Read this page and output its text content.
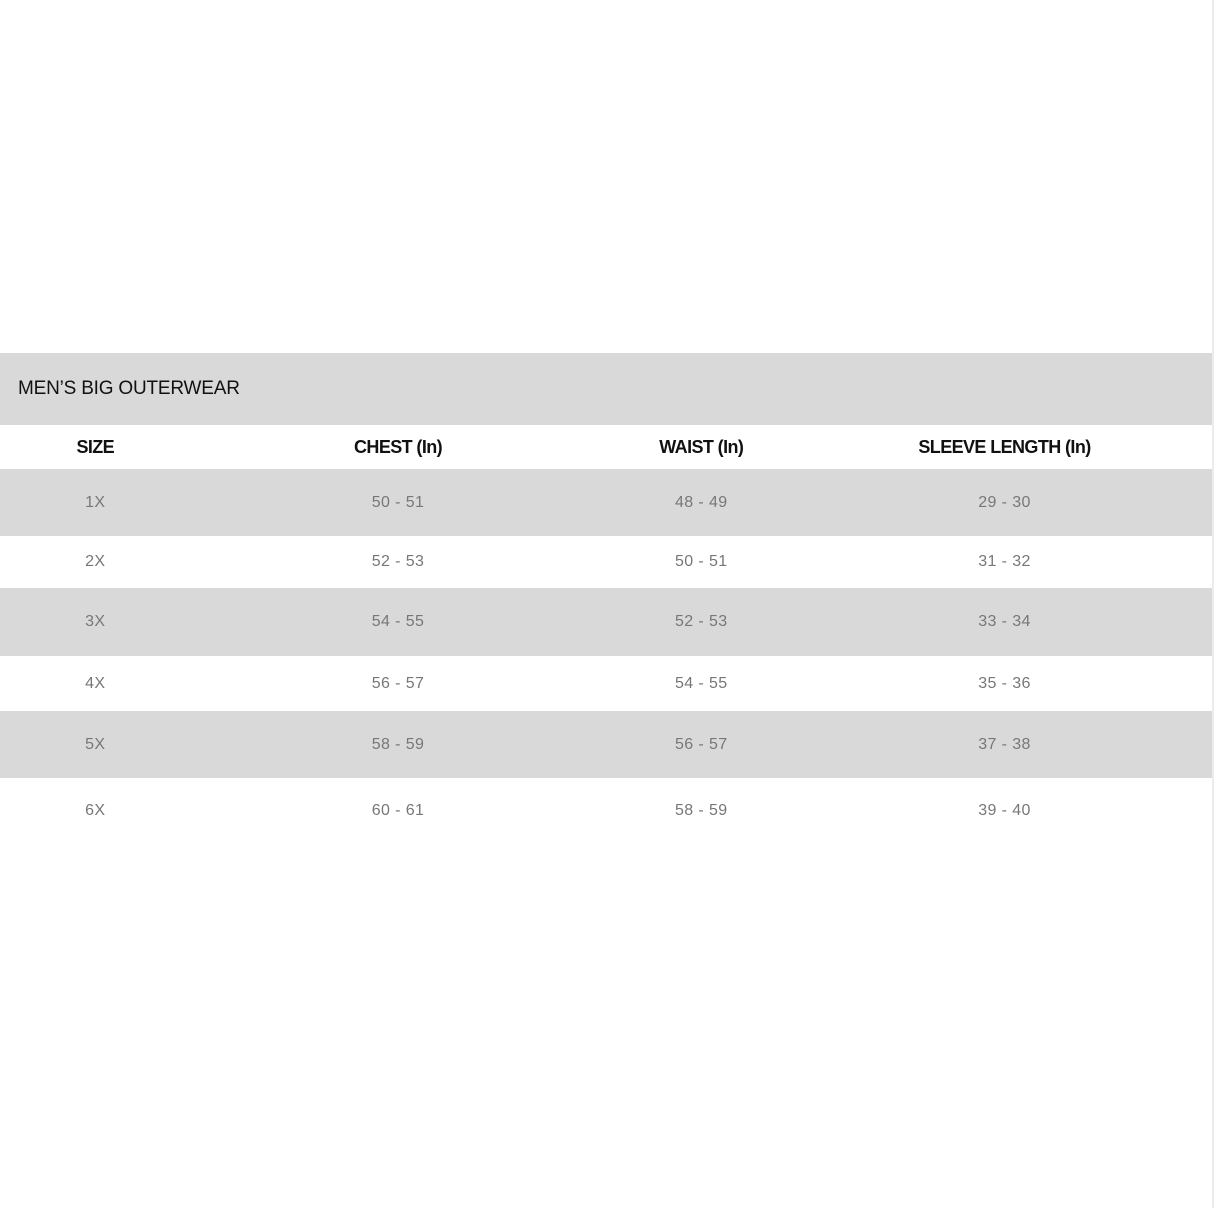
MEN’S BIG OUTERWEAR
SIZE	CHEST (In)	WAIST (In)	SLEEVE LENGTH (In)
1X	50 - 51	48 - 49	29 - 30
2X	52 - 53	50 - 51	31 - 32
3X	54 - 55	52 - 53	33 - 34
4X	56 - 57	54 - 55	35 - 36
5X	58 - 59	56 - 57	37 - 38
6X	60 - 61	58 - 59	39 - 40
